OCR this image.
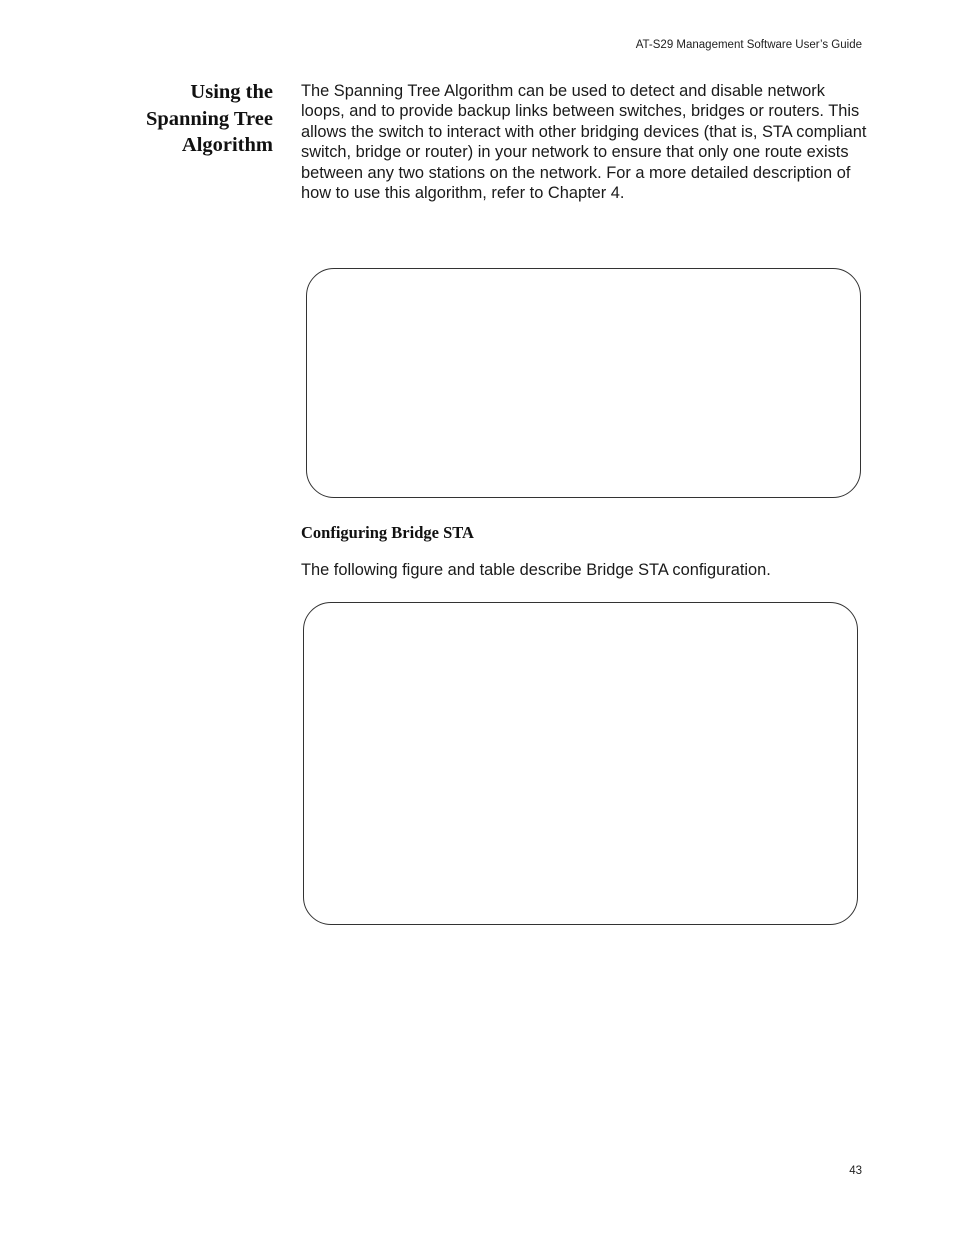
AT-S29 Management Software User’s Guide
Using the
Spanning Tree
Algorithm

The Spanning Tree Algorithm can be used to detect and disable network loops, and to provide backup links between switches, bridges or routers. This allows the switch to interact with other bridging devices (that is, STA compliant switch, bridge or router) in your network to ensure that only one route exists between any two stations on the network. For a more detailed description of how to use this algorithm, refer to Chapter 4.

Configuring Bridge STA
The following figure and table describe Bridge STA configuration.
43
